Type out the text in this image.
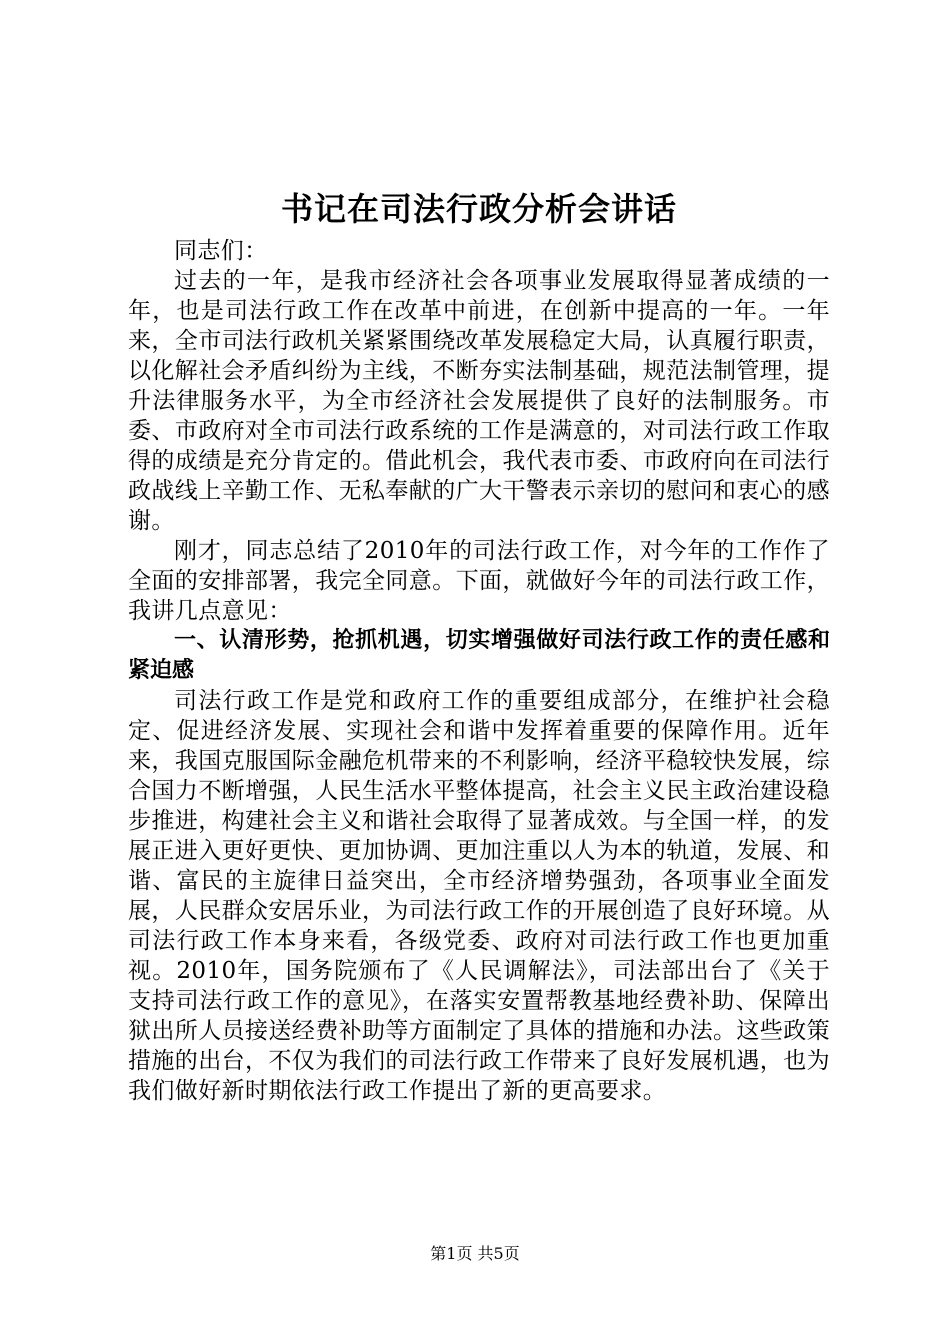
书记在司法行政分析会讲话

同志们：

过去的一年，是我市经济社会各项事业发展取得显著成绩的一年，也是司法行政工作在改革中前进，在创新中提高的一年。一年来，全市司法行政机关紧紧围绕改革发展稳定大局，认真履行职责，以化解社会矛盾纠纷为主线，不断夯实法制基础，规范法制管理，提升法律服务水平，为全市经济社会发展提供了良好的法制服务。市委、市政府对全市司法行政系统的工作是满意的，对司法行政工作取得的成绩是充分肯定的。借此机会，我代表市委、市政府向在司法行政战线上辛勤工作、无私奉献的广大干警表示亲切的慰问和衷心的感谢。

刚才，同志总结了2010年的司法行政工作，对今年的工作作了全面的安排部署，我完全同意。下面，就做好今年的司法行政工作，我讲几点意见：

一、认清形势，抢抓机遇，切实增强做好司法行政工作的责任感和紧迫感

司法行政工作是党和政府工作的重要组成部分，在维护社会稳定、促进经济发展、实现社会和谐中发挥着重要的保障作用。近年来，我国克服国际金融危机带来的不利影响，经济平稳较快发展，综合国力不断增强，人民生活水平整体提高，社会主义民主政治建设稳步推进，构建社会主义和谐社会取得了显著成效。与全国一样，的发展正进入更好更快、更加协调、更加注重以人为本的轨道，发展、和谐、富民的主旋律日益突出，全市经济增势强劲，各项事业全面发展，人民群众安居乐业，为司法行政工作的开展创造了良好环境。从司法行政工作本身来看，各级党委、政府对司法行政工作也更加重视。2010年，国务院颁布了《人民调解法》，司法部出台了《关于支持司法行政工作的意见》，在落实安置帮教基地经费补助、保障出狱出所人员接送经费补助等方面制定了具体的措施和办法。这些政策措施的出台，不仅为我们的司法行政工作带来了良好发展机遇，也为我们做好新时期依法行政工作提出了新的更高要求。

第1页 共5页
